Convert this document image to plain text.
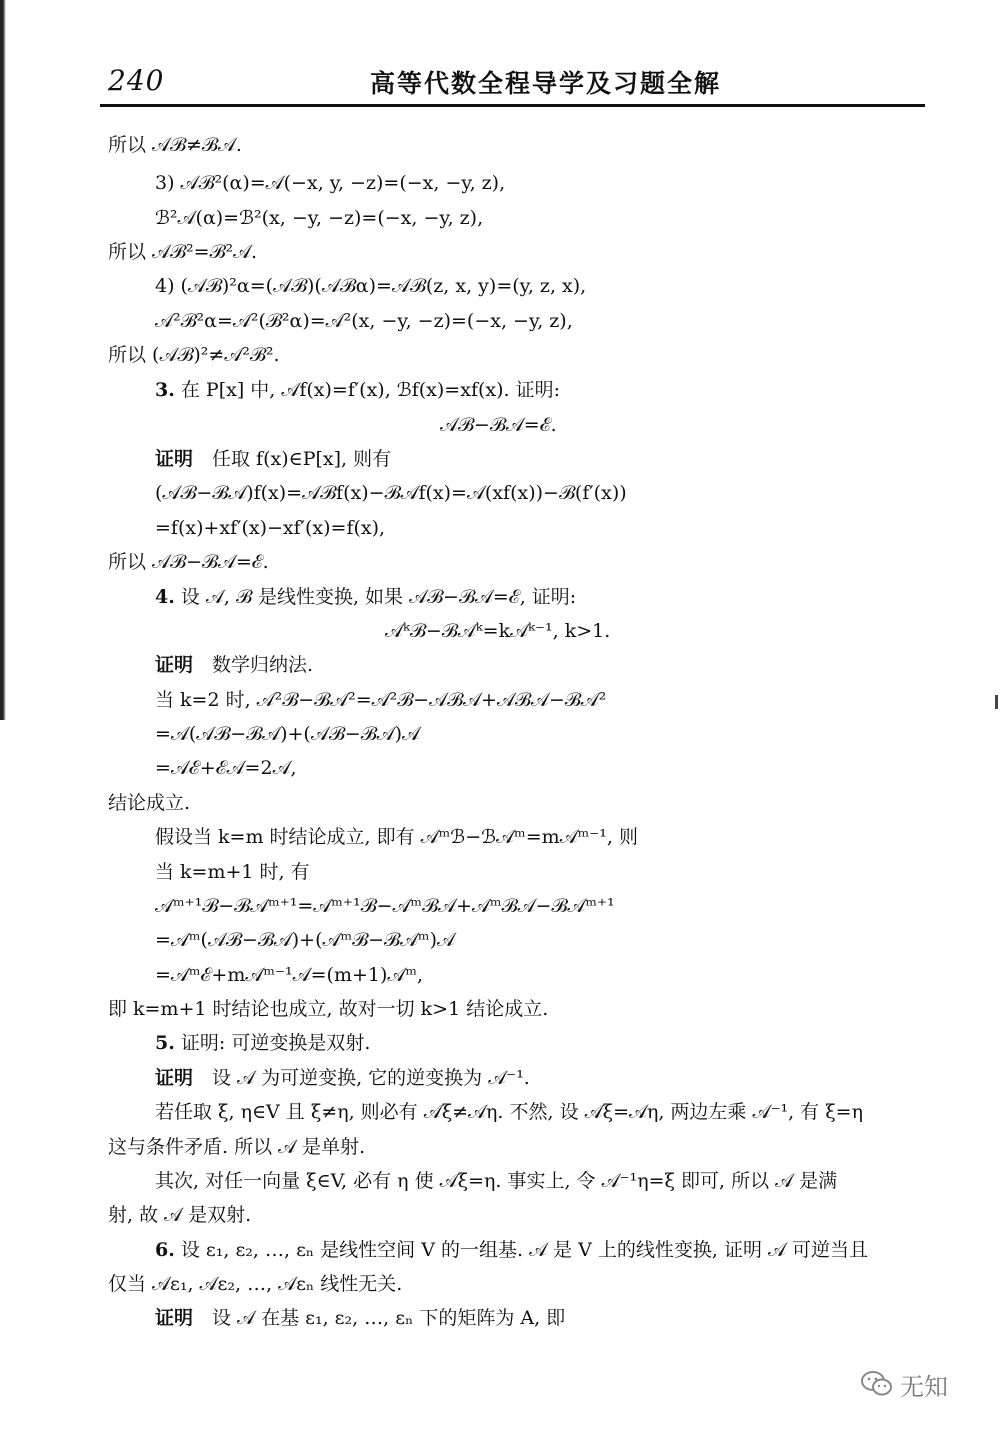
240	高等代数全程导学及习题全解
所以 𝒜ℬ≠ℬ𝒜.
3) 𝒜ℬ²(α)=𝒜(−x, y, −z)=(−x, −y, z),
ℬ²𝒜(α)=ℬ²(x, −y, −z)=(−x, −y, z),
所以 𝒜ℬ²=ℬ²𝒜.
4) (𝒜ℬ)²α=(𝒜ℬ)(𝒜ℬα)=𝒜ℬ(z, x, y)=(y, z, x),
𝒜²ℬ²α=𝒜²(ℬ²α)=𝒜²(x, −y, −z)=(−x, −y, z),
所以 (𝒜ℬ)²≠𝒜²ℬ².
3. 在 P[x] 中, 𝒜f(x)=f′(x), ℬf(x)=xf(x). 证明:
𝒜ℬ−ℬ𝒜=ℰ.
证明　任取 f(x)∈P[x], 则有
(𝒜ℬ−ℬ𝒜)f(x)=𝒜ℬf(x)−ℬ𝒜f(x)=𝒜(xf(x))−ℬ(f′(x))
=f(x)+xf′(x)−xf′(x)=f(x),
所以 𝒜ℬ−ℬ𝒜=ℰ.
4. 设 𝒜, ℬ 是线性变换, 如果 𝒜ℬ−ℬ𝒜=ℰ, 证明:
𝒜ᵏℬ−ℬ𝒜ᵏ=k𝒜ᵏ⁻¹, k>1.
证明　数学归纳法.
当 k=2 时, 𝒜²ℬ−ℬ𝒜²=𝒜²ℬ−𝒜ℬ𝒜+𝒜ℬ𝒜−ℬ𝒜²
=𝒜(𝒜ℬ−ℬ𝒜)+(𝒜ℬ−ℬ𝒜)𝒜
=𝒜ℰ+ℰ𝒜=2𝒜,
结论成立.
假设当 k=m 时结论成立, 即有 𝒜ᵐℬ−ℬ𝒜ᵐ=m𝒜ᵐ⁻¹, 则
当 k=m+1 时, 有
𝒜ᵐ⁺¹ℬ−ℬ𝒜ᵐ⁺¹=𝒜ᵐ⁺¹ℬ−𝒜ᵐℬ𝒜+𝒜ᵐℬ𝒜−ℬ𝒜ᵐ⁺¹
=𝒜ᵐ(𝒜ℬ−ℬ𝒜)+(𝒜ᵐℬ−ℬ𝒜ᵐ)𝒜
=𝒜ᵐℰ+m𝒜ᵐ⁻¹𝒜=(m+1)𝒜ᵐ,
即 k=m+1 时结论也成立, 故对一切 k>1 结论成立.
5. 证明: 可逆变换是双射.
证明　设 𝒜 为可逆变换, 它的逆变换为 𝒜⁻¹.
若任取 ξ, η∈V 且 ξ≠η, 则必有 𝒜ξ≠𝒜η. 不然, 设 𝒜ξ=𝒜η, 两边左乘 𝒜⁻¹, 有 ξ=η
这与条件矛盾. 所以 𝒜 是单射.
其次, 对任一向量 ξ∈V, 必有 η 使 𝒜ξ=η. 事实上, 令 𝒜⁻¹η=ξ 即可, 所以 𝒜 是满
射, 故 𝒜 是双射.
6. 设 ε₁, ε₂, …, εₙ 是线性空间 V 的一组基. 𝒜 是 V 上的线性变换, 证明 𝒜 可逆当且
仅当 𝒜ε₁, 𝒜ε₂, …, 𝒜εₙ 线性无关.
证明　设 𝒜 在基 ε₁, ε₂, …, εₙ 下的矩阵为 A, 即
无知
